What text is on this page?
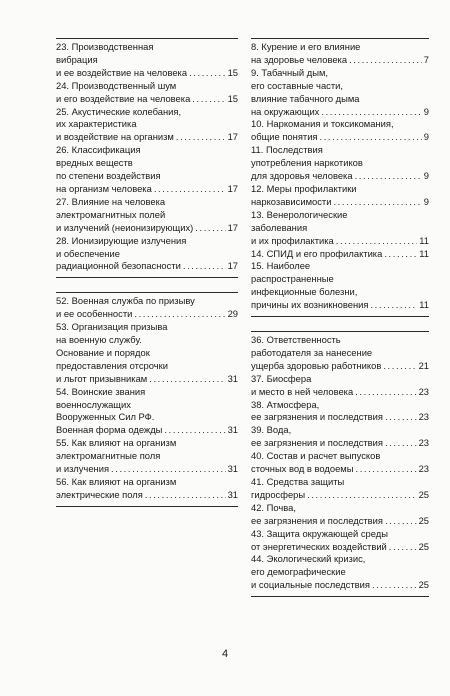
23. Производственная
вибрация
и ее воздействие на человека . . .	15
24. Производственный шум
и его воздействие на человека . . .	15
25. Акустические колебания,
их характеристика
и воздействие на организм . . .	17
26. Классификация
вредных веществ
по степени воздействия
на организм человека . . .	17
27. Влияние на человека
электромагнитных полей
и излучений (неионизирующих) . . .	17
28. Ионизирующие излучения
и обеспечение
радиационной безопасности . . .	17
52. Военная служба по призыву
и ее особенности . . .	29
53. Организация призыва
на военную службу.
Основание и порядок
предоставления отсрочки
и льгот призывникам . . .	31
54. Воинские звания
военнослужащих
Вооруженных Сил РФ.
Военная форма одежды . . .	31
55. Как влияют на организм
электромагнитные поля
и излучения . . .	31
56. Как влияют на организм
электрические поля . . .	31
8. Курение и его влияние
на здоровье человека . . .	7
9. Табачный дым,
его составные части,
влияние табачного дыма
на окружающих . . .	9
10. Наркомания и токсикомания,
общие понятия . . .	9
11. Последствия
употребления наркотиков
для здоровья человека . . .	9
12. Меры профилактики
наркозависимости . . .	9
13. Венерологические
заболевания
и их профилактика . . .	11
14. СПИД и его профилактика . . .	11
15. Наиболее
распространенные
инфекционные болезни,
причины их возникновения . . .	11
36. Ответственность
работодателя за нанесение
ущерба здоровью работников . . .	21
37. Биосфера
и место в ней человека . . .	23
38. Атмосфера,
ее загрязнения и последствия . . .	23
39. Вода,
ее загрязнения и последствия . . .	23
40. Состав и расчет выпусков
сточных вод в водоемы . . .	23
41. Средства защиты
гидросферы . . .	25
42. Почва,
ее загрязнения и последствия . . .	25
43. Защита окружающей среды
от энергетических воздействий . . .	25
44. Экологический кризис,
его демографические
и социальные последствия . . .	25
4
